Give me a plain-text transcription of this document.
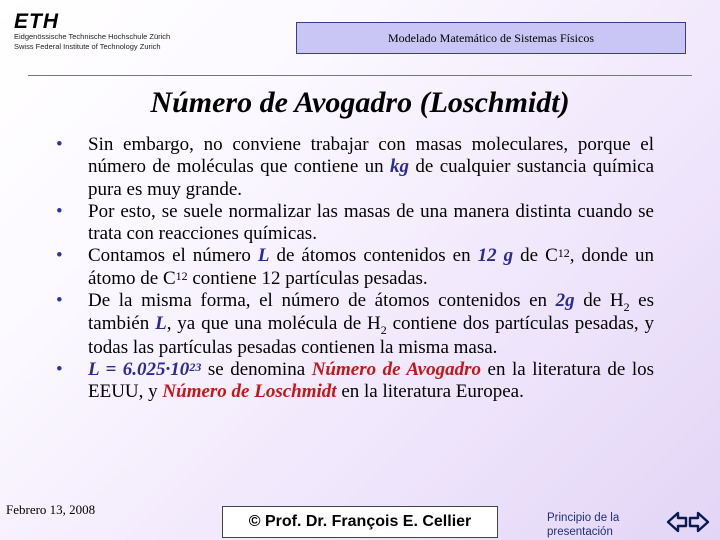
ETH
Eidgenössische Technische Hochschule Zürich
Swiss Federal Institute of Technology Zurich
Modelado Matemático de Sistemas Físicos
Número de Avogadro (Loschmidt)
• Sin embargo, no conviene trabajar con masas moleculares, porque el número de moléculas que contiene un kg de cualquier sustancia química pura es muy grande.
• Por esto, se suele normalizar las masas de una manera distinta cuando se trata con reacciones químicas.
• Contamos el número L de átomos contenidos en 12 g de $C^{12}$, donde un átomo de $C^{12}$ contiene 12 partículas pesadas.
• De la misma forma, el número de átomos contenidos en 2g de $H_2$ es también L, ya que una molécula de $H_2$ contiene dos partículas pesadas, y todas las partículas pesadas contienen la misma masa.
• $L = 6.025\cdot 10^{23}$ se denomina Número de Avogadro en la literatura de los EEUU, y Número de Loschmidt en la literatura Europea.
Febrero 13, 2008
© Prof. Dr. François E. Cellier	Principio de la
presentación
